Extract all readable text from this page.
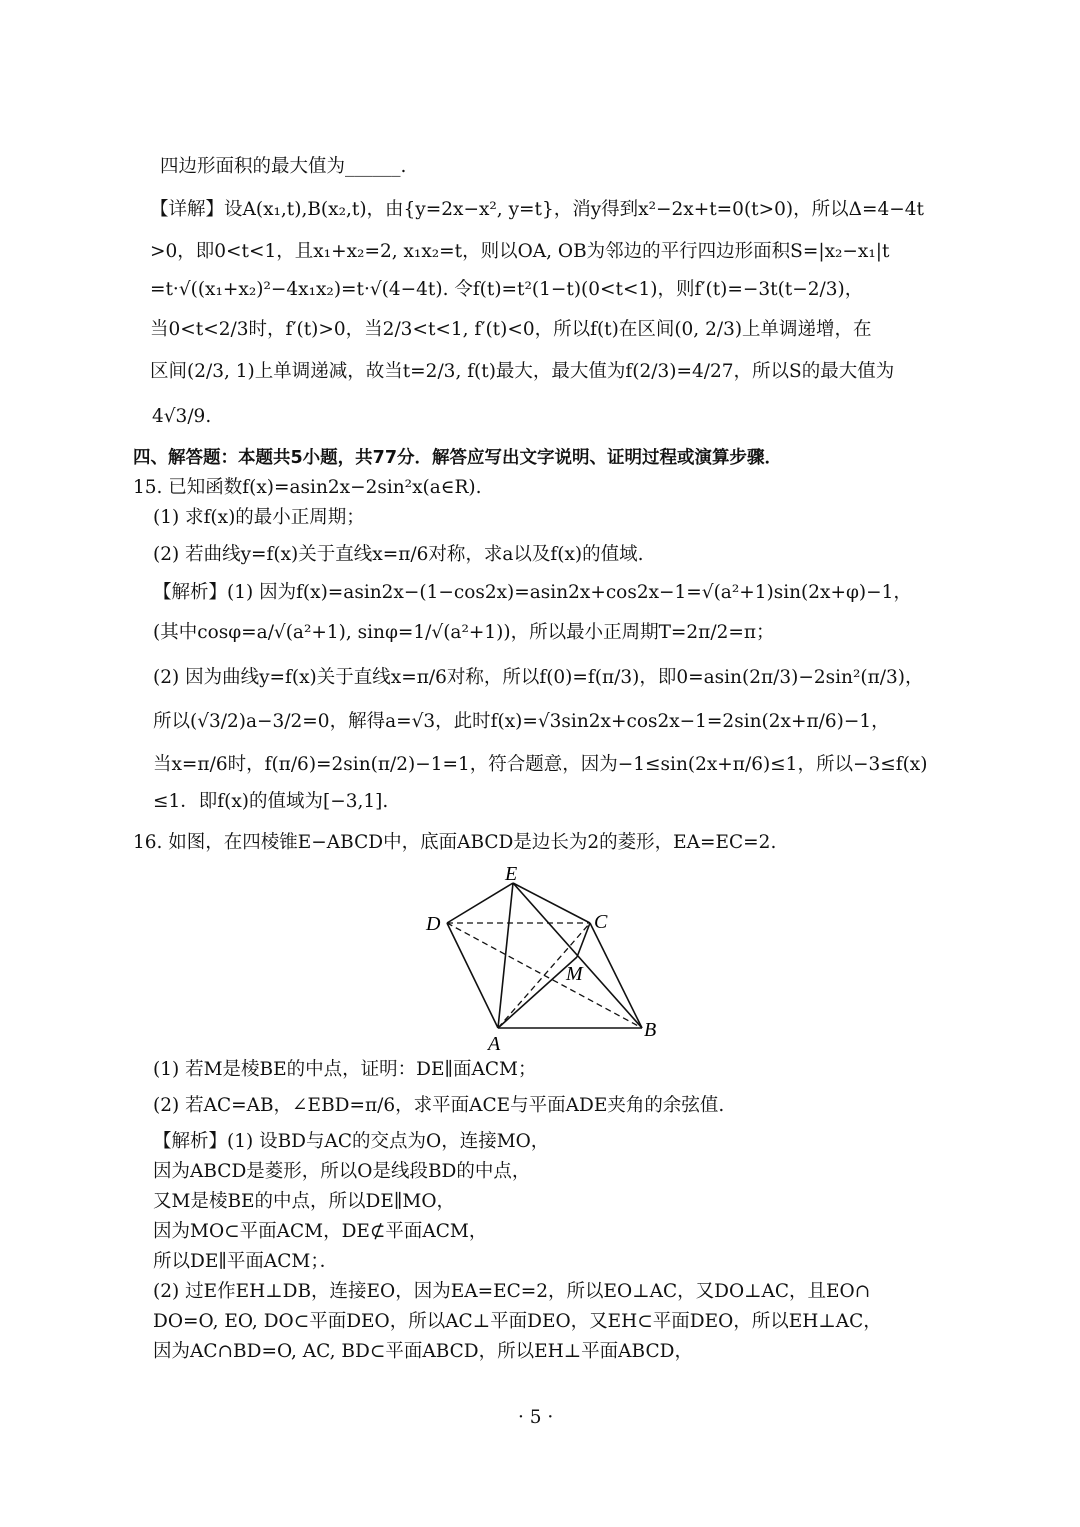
四边形面积的最大值为______.
【详解】设A(x₁,t),B(x₂,t)，由{y=2x−x², y=t}，消y得到x²−2x+t=0(t>0)，所以Δ=4−4t
>0，即0<t<1，且x₁+x₂=2, x₁x₂=t，则以OA, OB为邻边的平行四边形面积S=|x₂−x₁|t
=t·√((x₁+x₂)²−4x₁x₂)=t·√(4−4t). 令f(t)=t²(1−t)(0<t<1)，则f′(t)=−3t(t−2/3)，
当0<t<2/3时，f′(t)>0，当2/3<t<1, f′(t)<0，所以f(t)在区间(0, 2/3)上单调递增，在
区间(2/3, 1)上单调递减，故当t=2/3, f(t)最大，最大值为f(2/3)=4/27，所以S的最大值为
4√3/9.
四、解答题：本题共5小题，共77分．解答应写出文字说明、证明过程或演算步骤．
15. 已知函数f(x)=asin2x−2sin²x(a∈R).
(1) 求f(x)的最小正周期；
(2) 若曲线y=f(x)关于直线x=π/6对称，求a以及f(x)的值域.
【解析】(1) 因为f(x)=asin2x−(1−cos2x)=asin2x+cos2x−1=√(a²+1)sin(2x+φ)−1，
(其中cosφ=a/√(a²+1), sinφ=1/√(a²+1))，所以最小正周期T=2π/2=π；
(2) 因为曲线y=f(x)关于直线x=π/6对称，所以f(0)=f(π/3)，即0=asin(2π/3)−2sin²(π/3)，
所以(√3/2)a−3/2=0，解得a=√3，此时f(x)=√3sin2x+cos2x−1=2sin(2x+π/6)−1，
当x=π/6时，f(π/6)=2sin(π/2)−1=1，符合题意，因为−1≤sin(2x+π/6)≤1，所以−3≤f(x)
≤1．即f(x)的值域为[−3,1].
16. 如图，在四棱锥E−ABCD中，底面ABCD是边长为2的菱形，EA=EC=2.
E
D	C
M
A
B
(1) 若M是棱BE的中点，证明：DE∥面ACM；
(2) 若AC=AB，∠EBD=π/6，求平面ACE与平面ADE夹角的余弦值.
【解析】(1) 设BD与AC的交点为O，连接MO，
因为ABCD是菱形，所以O是线段BD的中点，
又M是棱BE的中点，所以DE∥MO，
因为MO⊂平面ACM，DE⊄平面ACM，
所以DE∥平面ACM；．
(2) 过E作EH⊥DB，连接EO，因为EA=EC=2，所以EO⊥AC，又DO⊥AC，且EO∩
DO=O, EO, DO⊂平面DEO，所以AC⊥平面DEO，又EH⊂平面DEO，所以EH⊥AC，
因为AC∩BD=O, AC, BD⊂平面ABCD，所以EH⊥平面ABCD，
· 5 ·
